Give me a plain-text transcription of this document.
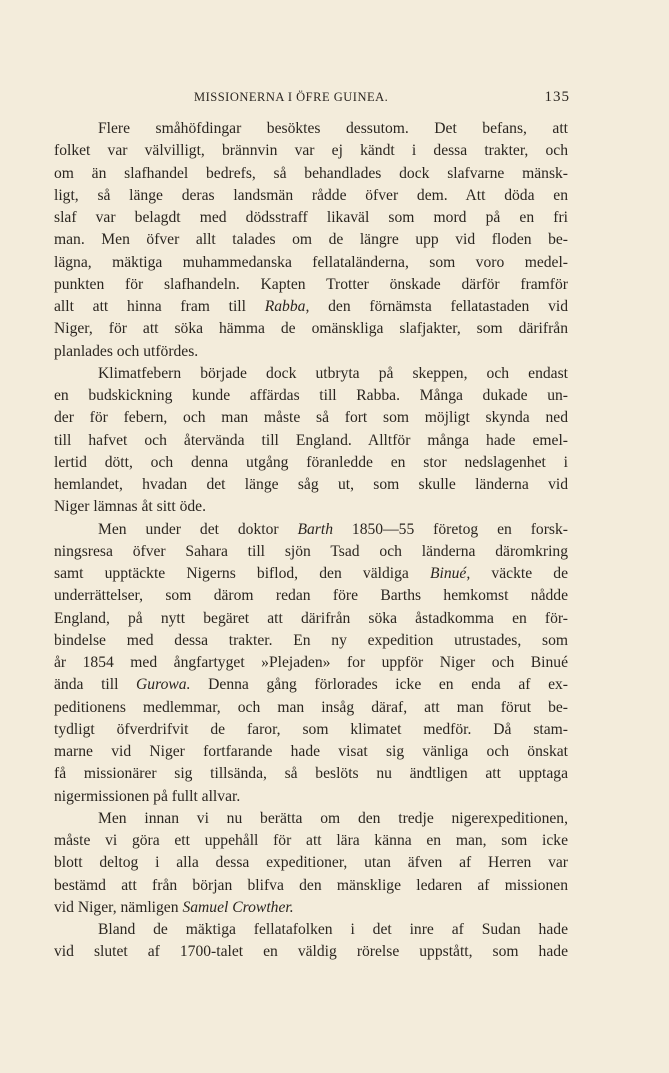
MISSIONERNA I ÖFRE GUINEA.	135
Flere småhöfdingar besöktes dessutom. Det befans, att
folket var välvilligt, brännvin var ej kändt i dessa trakter, och
om än slafhandel bedrefs, så behandlades dock slafvarne mänsk-
ligt, så länge deras landsmän rådde öfver dem. Att döda en
slaf var belagdt med dödsstraff likaväl som mord på en fri
man. Men öfver allt talades om de längre upp vid floden be-
lägna, mäktiga muhammedanska fellataländerna, som voro medel-
punkten för slafhandeln. Kapten Trotter önskade därför framför
allt att hinna fram till Rabba, den förnämsta fellatastaden vid
Niger, för att söka hämma de omänskliga slafjakter, som därifrån
planlades och utfördes.
Klimatfebern började dock utbryta på skeppen, och endast
en budskickning kunde affärdas till Rabba. Många dukade un-
der för febern, och man måste så fort som möjligt skynda ned
till hafvet och återvända till England. Alltför många hade emel-
lertid dött, och denna utgång föranledde en stor nedslagenhet i
hemlandet, hvadan det länge såg ut, som skulle länderna vid
Niger lämnas åt sitt öde.
Men under det doktor Barth 1850—55 företog en forsk-
ningsresa öfver Sahara till sjön Tsad och länderna däromkring
samt upptäckte Nigerns biflod, den väldiga Binué, väckte de
underrättelser, som därom redan före Barths hemkomst nådde
England, på nytt begäret att därifrån söka åstadkomma en för-
bindelse med dessa trakter. En ny expedition utrustades, som
år 1854 med ångfartyget »Plejaden» for uppför Niger och Binué
ända till Gurowa. Denna gång förlorades icke en enda af ex-
peditionens medlemmar, och man insåg däraf, att man förut be-
tydligt öfverdrifvit de faror, som klimatet medför. Då stam-
marne vid Niger fortfarande hade visat sig vänliga och önskat
få missionärer sig tillsända, så beslöts nu ändtligen att upptaga
nigermissionen på fullt allvar.
Men innan vi nu berätta om den tredje nigerexpeditionen,
måste vi göra ett uppehåll för att lära känna en man, som icke
blott deltog i alla dessa expeditioner, utan äfven af Herren var
bestämd att från början blifva den mänsklige ledaren af missionen
vid Niger, nämligen Samuel Crowther.
Bland de mäktiga fellatafolken i det inre af Sudan hade
vid slutet af 1700-talet en väldig rörelse uppstått, som hade
